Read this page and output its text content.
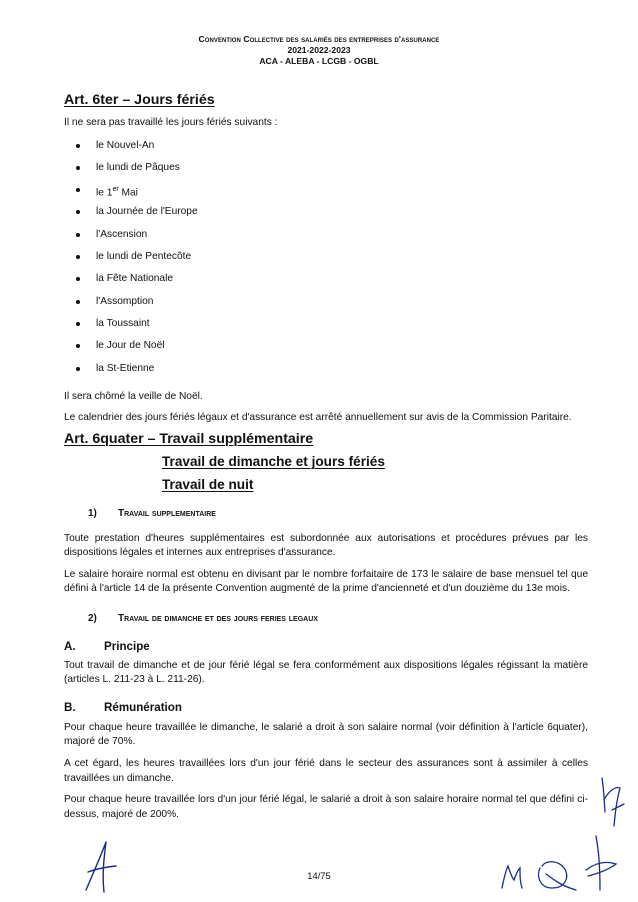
Convention Collective des salariés des entreprises d'assurance
2021-2022-2023
ACA - ALEBA - LCGB - OGBL
Art. 6ter – Jours fériés

Il ne sera pas travaillé les jours fériés suivants :

le Nouvel-An
le lundi de Pâques
le 1er Mai
la Journée de l'Europe
l'Ascension
le lundi de Pentecôte
la Fête Nationale
l'Assomption
la Toussaint
le Jour de Noël
la St-Etienne

Il sera chômé la veille de Noël.

Le calendrier des jours fériés légaux et d'assurance est arrêté annuellement sur avis de la Commission Paritaire.

Art. 6quater – Travail supplémentaire
Travail de dimanche et jours fériés
Travail de nuit
1) Travail supplementaire

Toute prestation d'heures supplémentaires est subordonnée aux autorisations et procédures prévues par les dispositions légales et internes aux entreprises d'assurance.

Le salaire horaire normal est obtenu en divisant par le nombre forfaitaire de 173 le salaire de base mensuel tel que défini à l'article 14 de la présente Convention augmenté de la prime d'ancienneté et d'un douzième du 13e mois.

2) Travail de dimanche et des jours feries legaux
A. Principe

Tout travail de dimanche et de jour férié légal se fera conformément aux dispositions légales régissant la matière (articles L. 211-23 à L. 211-26).

B. Rémunération

Pour chaque heure travaillée le dimanche, le salarié a droit à son salaire normal (voir définition à l'article 6quater), majoré de 70%.

A cet égard, les heures travaillées lors d'un jour férié dans le secteur des assurances sont à assimiler à celles travaillées un dimanche.

Pour chaque heure travaillée lors d'un jour férié légal, le salarié a droit à son salaire horaire normal tel que défini ci-dessus, majoré de 200%.

14/75
